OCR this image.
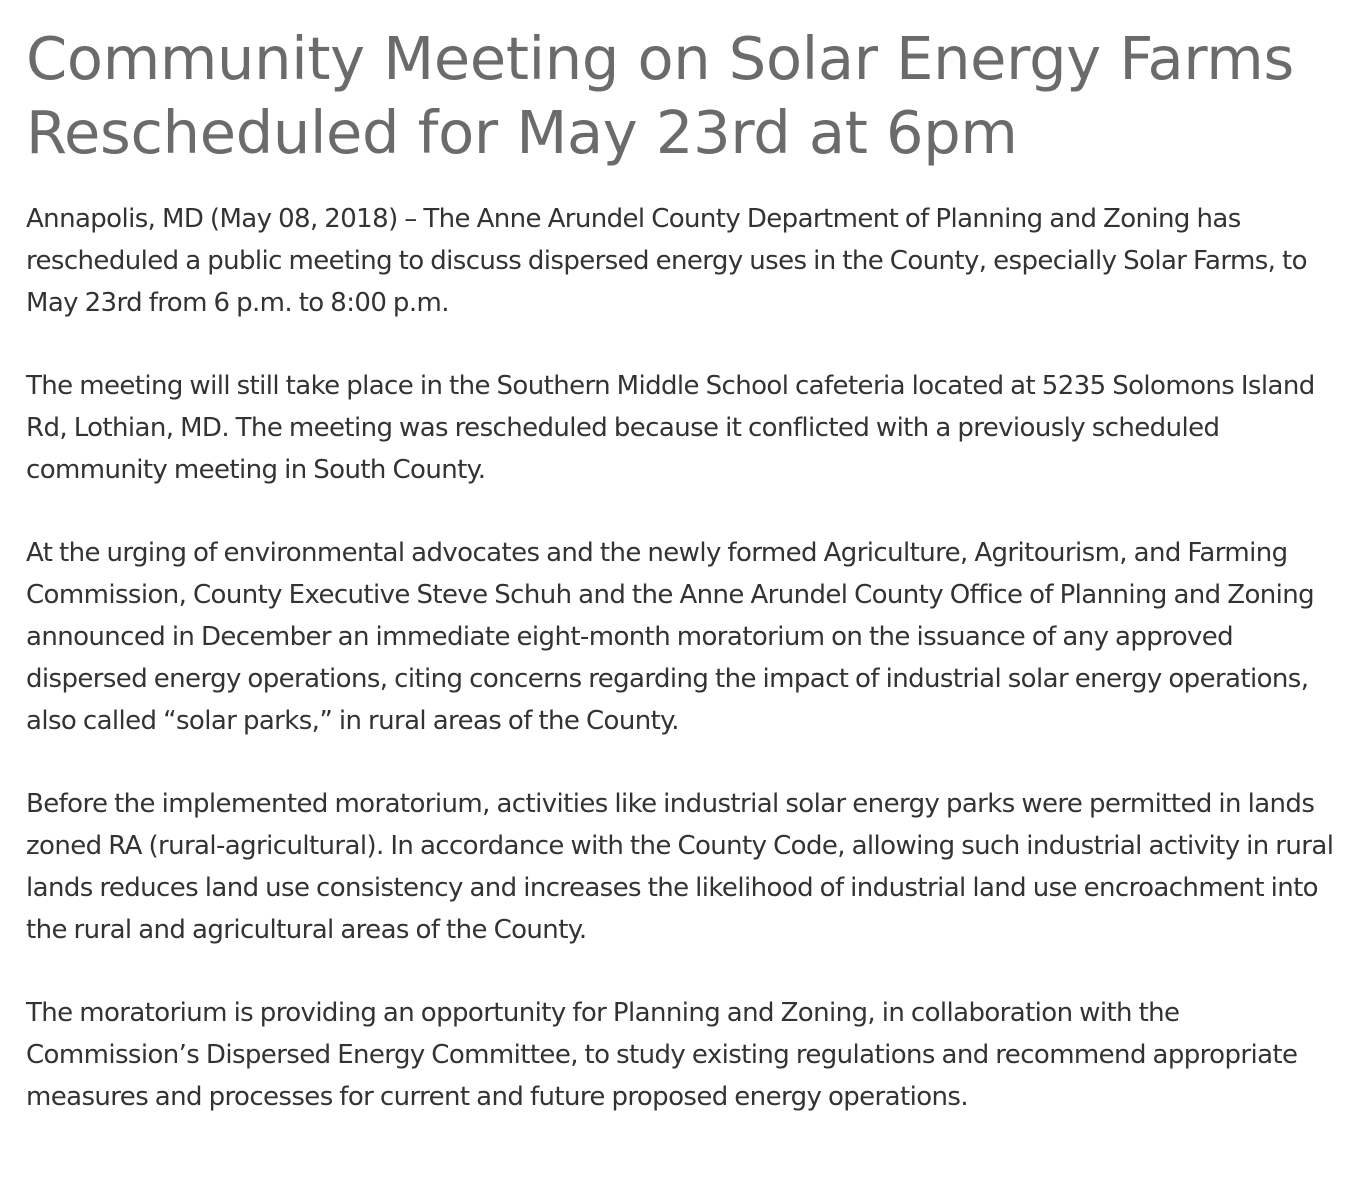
Community Meeting on Solar Energy Farms Rescheduled for May 23rd at 6pm

Annapolis, MD (May 08, 2018) – The Anne Arundel County Department of Planning and Zoning has rescheduled a public meeting to discuss dispersed energy uses in the County, especially Solar Farms, to May 23rd from 6 p.m. to 8:00 p.m.

The meeting will still take place in the Southern Middle School cafeteria located at 5235 Solomons Island Rd, Lothian, MD. The meeting was rescheduled because it conflicted with a previously scheduled community meeting in South County.

At the urging of environmental advocates and the newly formed Agriculture, Agritourism, and Farming Commission, County Executive Steve Schuh and the Anne Arundel County Office of Planning and Zoning announced in December an immediate eight-month moratorium on the issuance of any approved dispersed energy operations, citing concerns regarding the impact of industrial solar energy operations, also called “solar parks,” in rural areas of the County.

Before the implemented moratorium, activities like industrial solar energy parks were permitted in lands zoned RA (rural-agricultural). In accordance with the County Code, allowing such industrial activity in rural lands reduces land use consistency and increases the likelihood of industrial land use encroachment into the rural and agricultural areas of the County.

The moratorium is providing an opportunity for Planning and Zoning, in collaboration with the Commission’s Dispersed Energy Committee, to study existing regulations and recommend appropriate measures and processes for current and future proposed energy operations.
